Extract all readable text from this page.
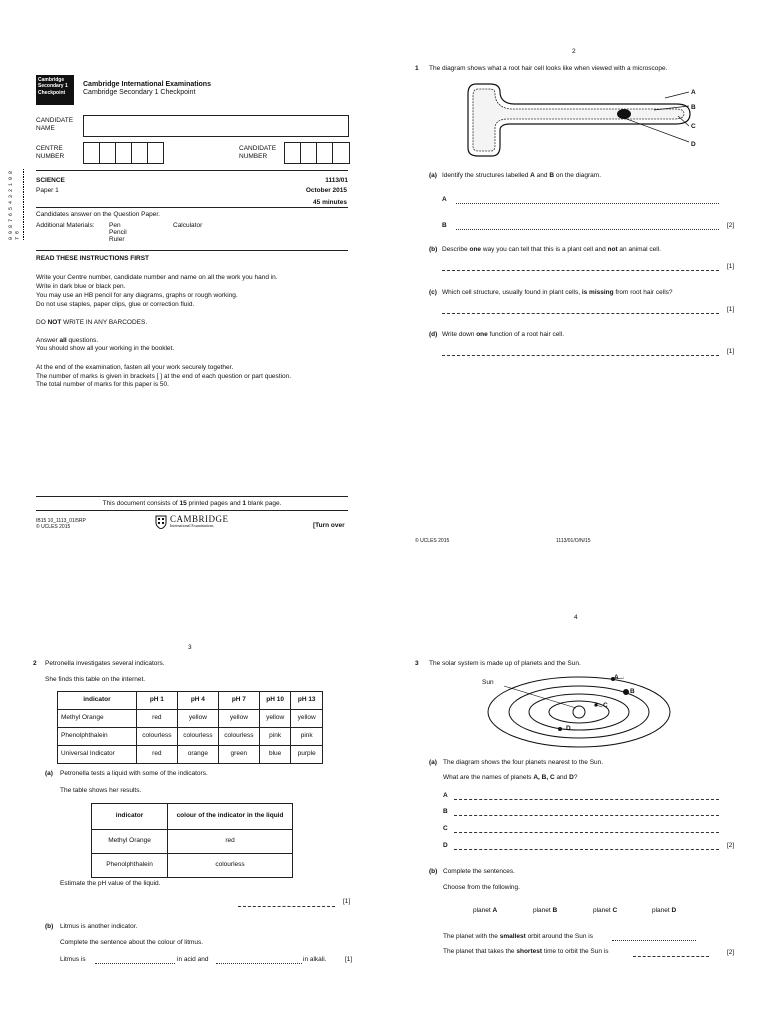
Cambridge
Secondary 1
Checkpoint
Cambridge International Examinations
Cambridge Secondary 1 Checkpoint
CANDIDATE NAME
CENTRE NUMBER
CANDIDATE NUMBER
0 9 8 7 6 5 4 3 2 1 9 8 7 6
SCIENCE	1113/01
Paper 1	October 2015
45 minutes
Candidates answer on the Question Paper.
Additional Materials: Pen
Pencil
Ruler
Calculator
READ THESE INSTRUCTIONS FIRST
Write your Centre number, candidate number and name on all the work you hand in.
Write in dark blue or black pen.
You may use an HB pencil for any diagrams, graphs or rough working.
Do not use staples, paper clips, glue or correction fluid.
DO NOT WRITE IN ANY BARCODES.
Answer all questions.
You should show all your working in the booklet.
At the end of the examination, fasten all your work securely together.
The number of marks is given in brackets [ ] at the end of each question or part question.
The total number of marks for this paper is 50.
This document consists of 15 printed pages and 1 blank page.
IB15 10_1113_01/5RP
© UCLES 2015
CAMBRIDGE
International Examinations	[Turn over
2
1 The diagram shows what a root hair cell looks like when viewed with a microscope.
A
B
C
D
(a) Identify the structures labelled A and B on the diagram.
A
B	[2]
(b) Describe one way you can tell that this is a plant cell and not an animal cell.
[1]
(c) Which cell structure, usually found in plant cells, is missing from root hair cells?
[1]
(d) Write down one function of a root hair cell.
[1]
© UCLES 2015	1113/01/O/N/15
3
2 Petronella investigates several indicators.
She finds this table on the internet.
indicator	pH 1	pH 4	pH 7	pH 10	pH 13
Methyl Orange	red	yellow	yellow	yellow	yellow
Phenolphthalein	colourless	colourless	colourless	pink	pink
Universal Indicator	red	orange	green	blue	purple
(a) Petronella tests a liquid with some of the indicators.
The table shows her results.
indicator	colour of the indicator in the liquid
Methyl Orange	red
Phenolphthalein	colourless
Estimate the pH value of the liquid.
[1]
(b) Litmus is another indicator.
Complete the sentence about the colour of litmus.
Litmus is	in acid and	in alkali.	[1]
4
3 The solar system is made up of planets and the Sun.
Sun
A
B
C
D
(a) The diagram shows the four planets nearest to the Sun.
What are the names of planets A, B, C and D?
A
B
C
D	[2]
(b) Complete the sentences.
Choose from the following.
planet A	planet B	planet C	planet D
The planet with the smallest orbit around the Sun is
The planet that takes the shortest time to orbit the Sun is	[2]
